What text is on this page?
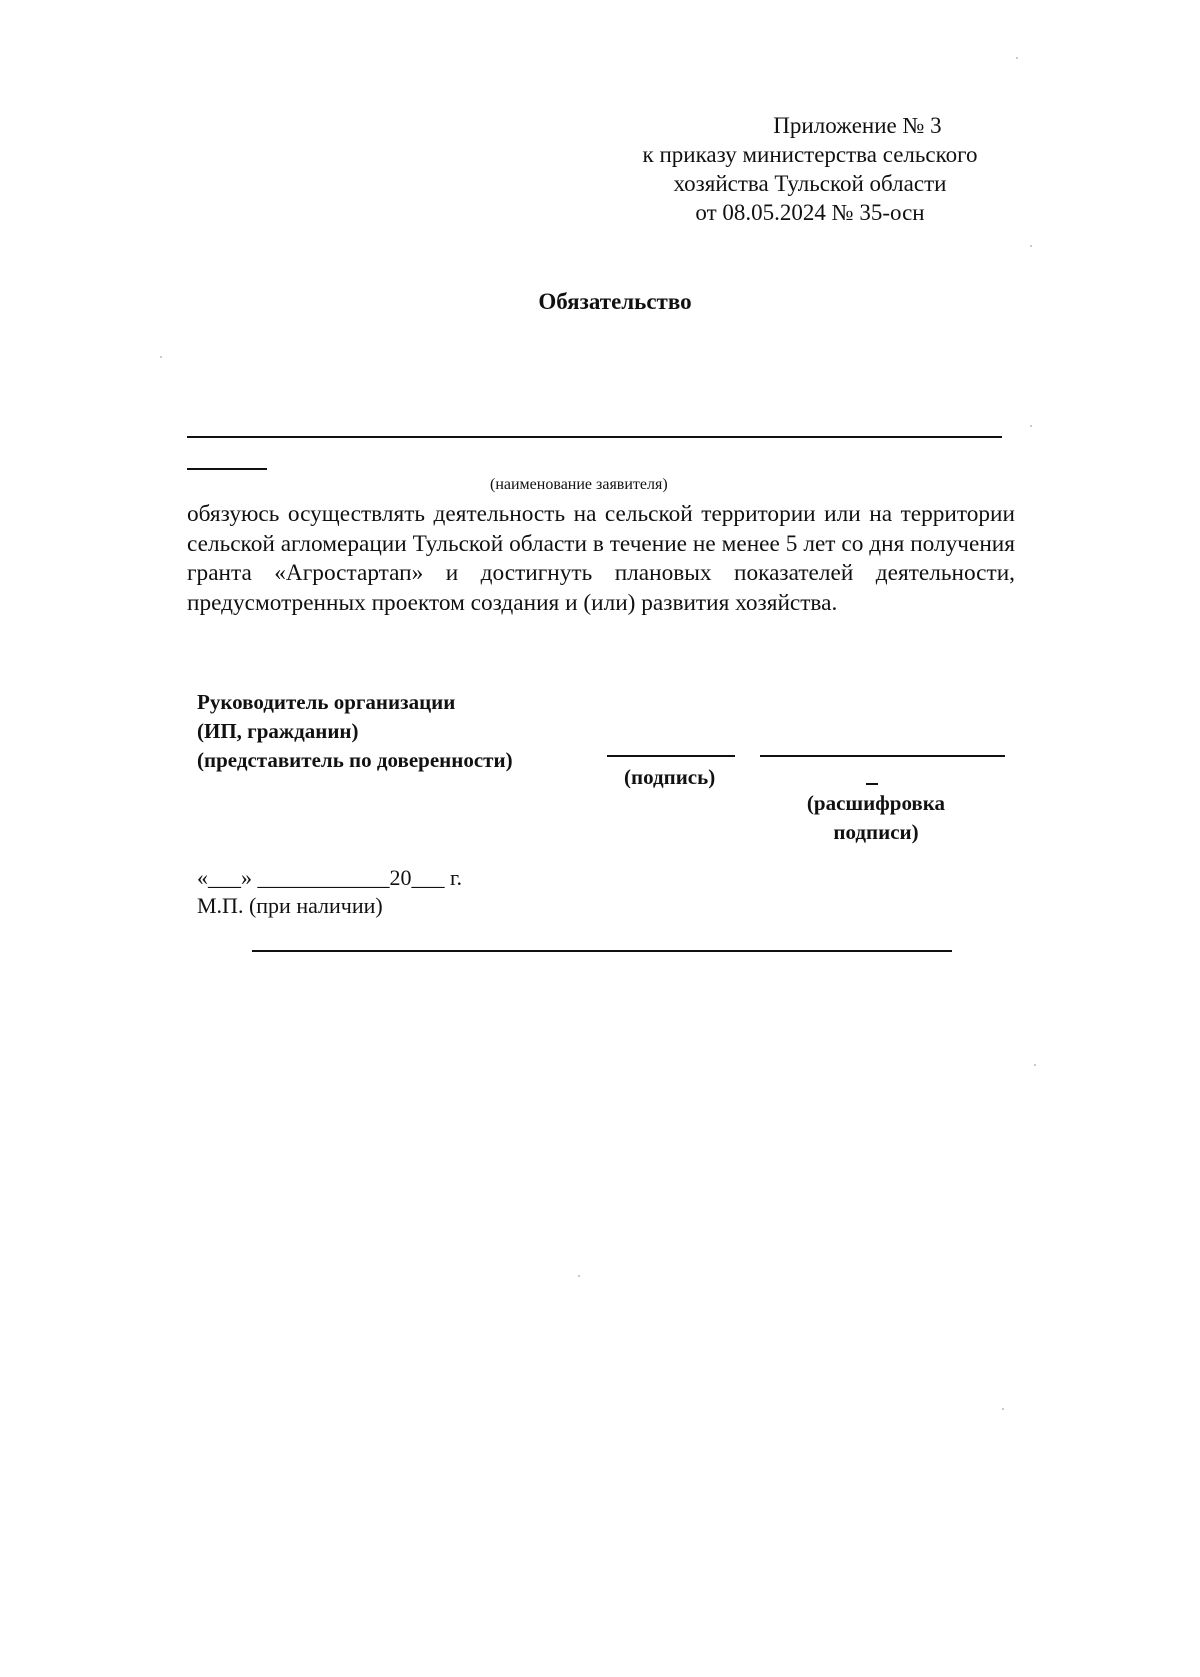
Приложение № 3
к приказу министерства сельского
хозяйства Тульской области
от 08.05.2024 № 35-осн
Обязательство
(наименование заявителя)
обязуюсь осуществлять деятельность на сельской территории или на территории сельской агломерации Тульской области в течение не менее 5 лет со дня получения гранта «Агростартап» и достигнуть плановых показателей деятельности, предусмотренных проектом создания и (или) развития хозяйства.
Руководитель организации
(ИП, гражданин)
(представитель по доверенности)
(подпись)
(расшифровка
подписи)
«___» ____________20___ г.
М.П. (при наличии)
